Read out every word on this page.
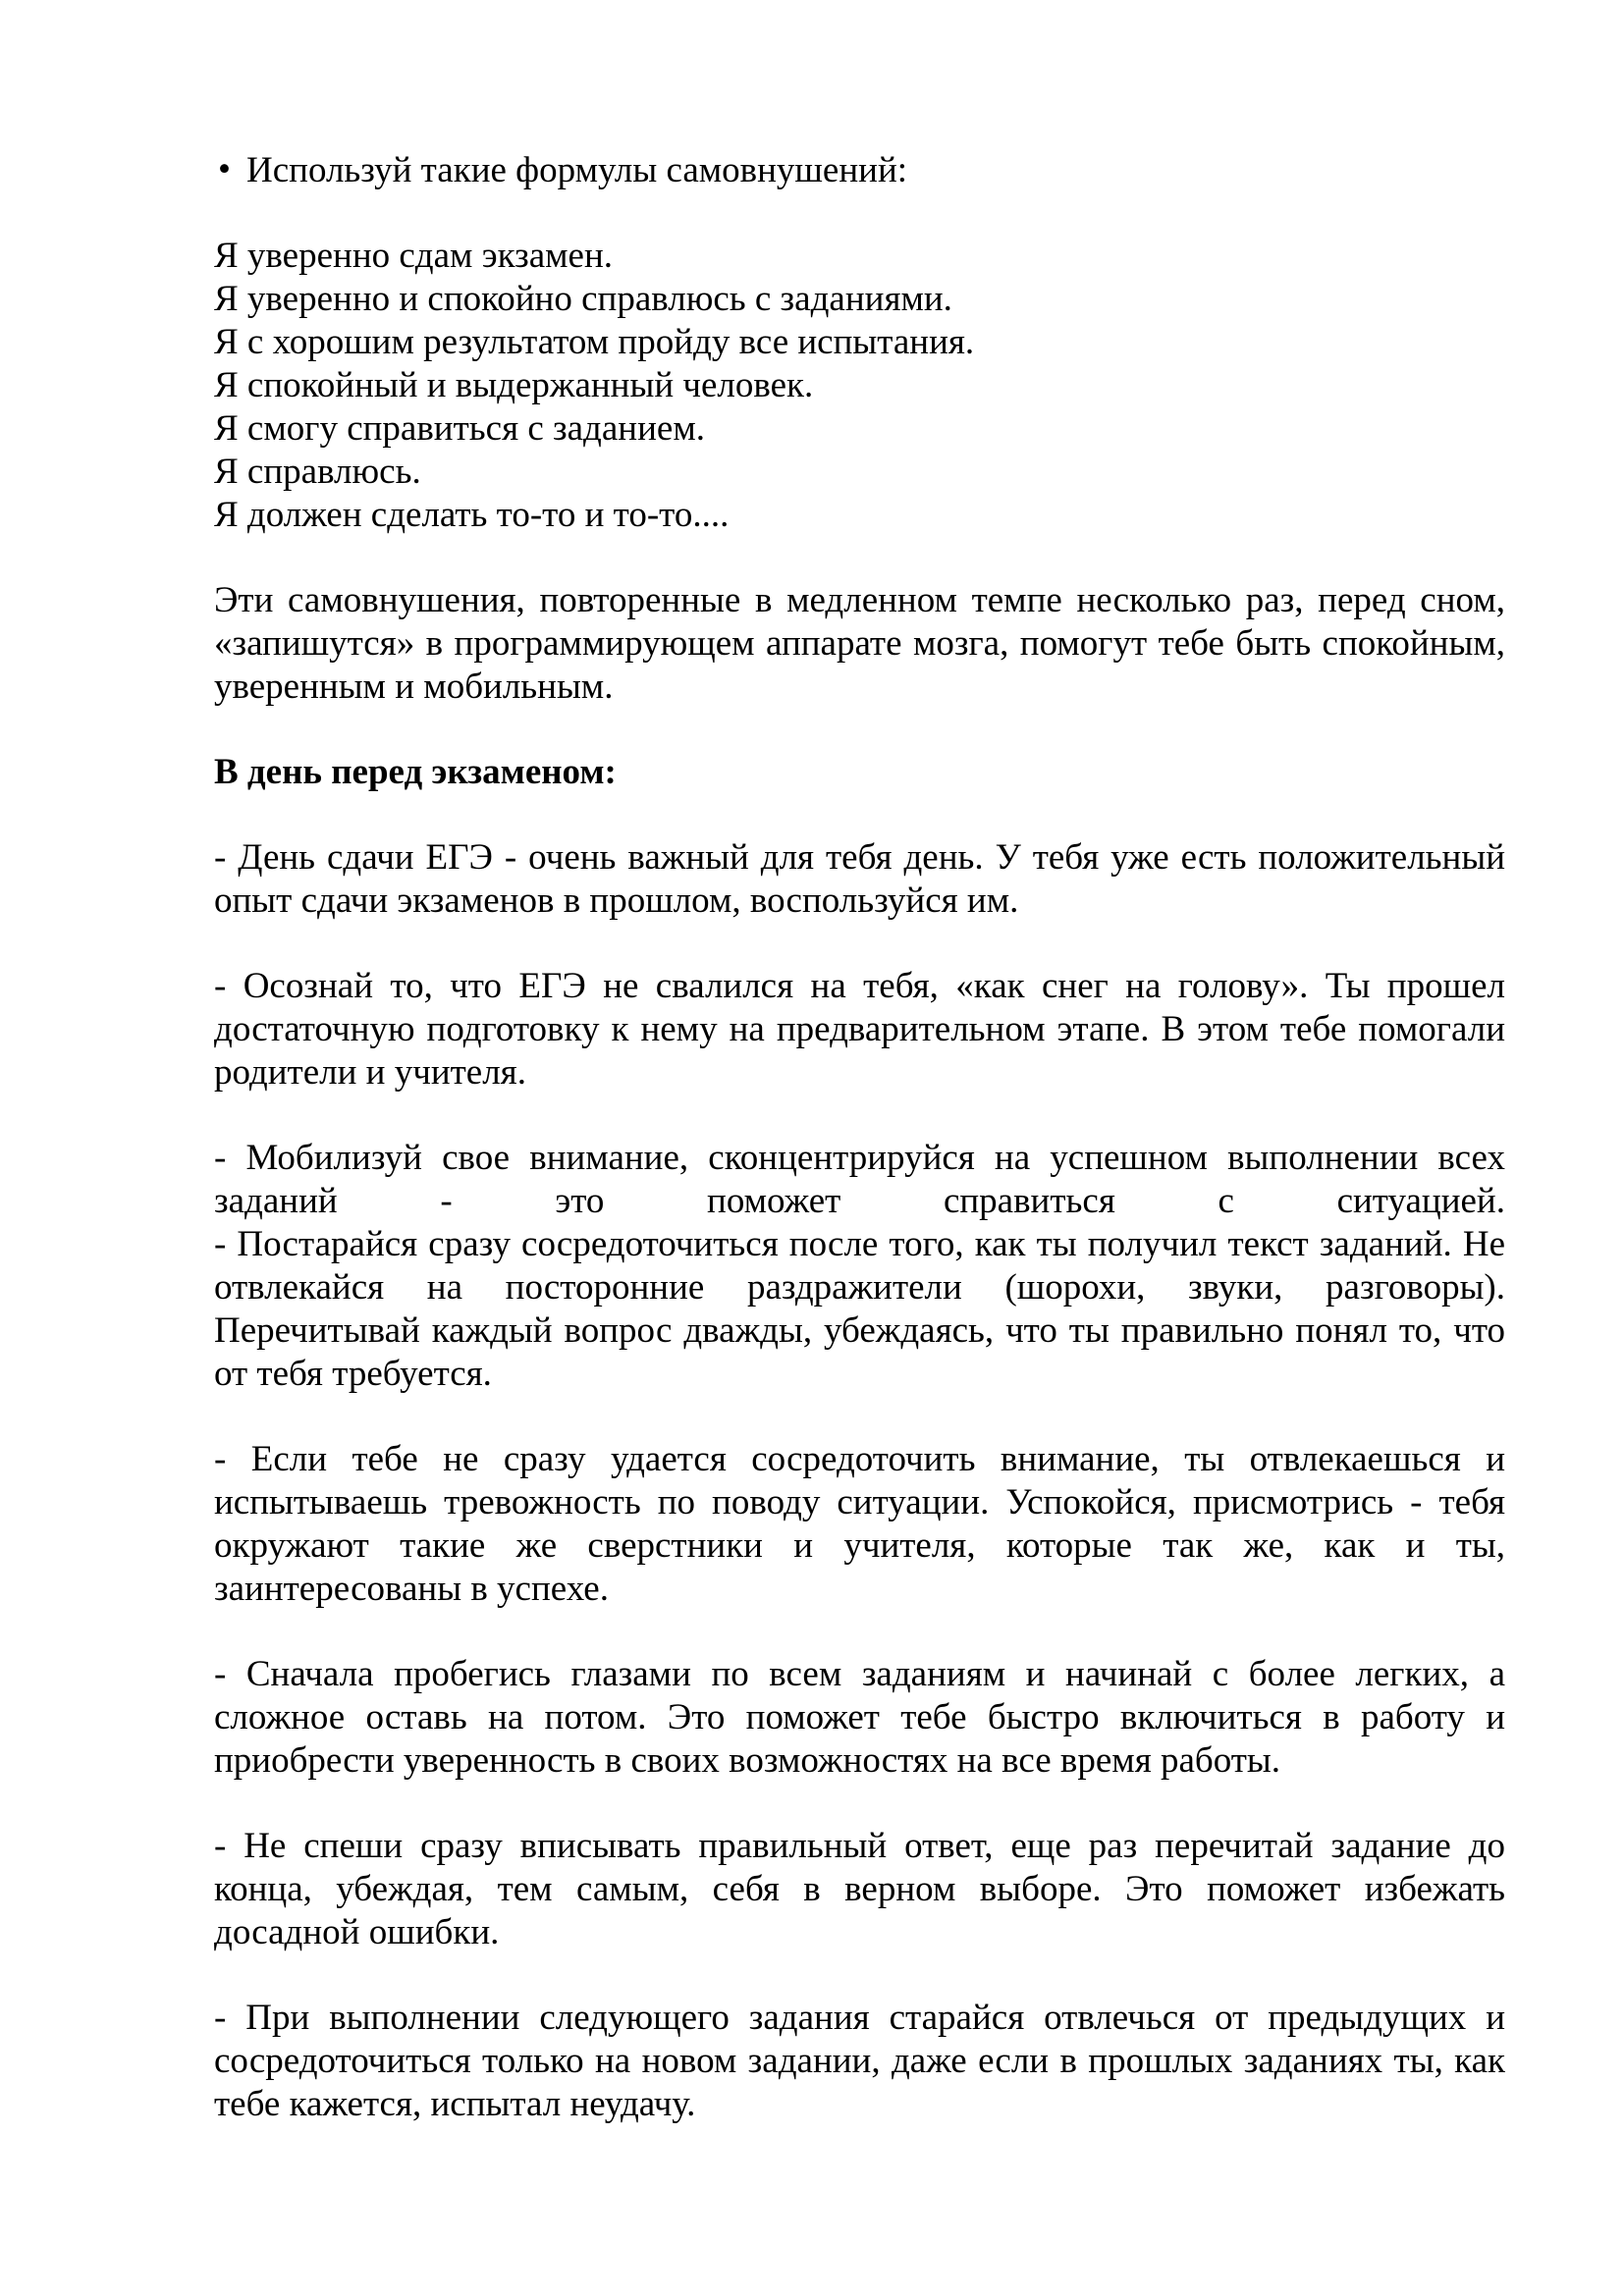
• Используй такие формулы самовнушений:
Я уверенно сдам экзамен.
Я уверенно и спокойно справлюсь с заданиями.
Я с хорошим результатом пройду все испытания.
Я спокойный и выдержанный человек.
Я смогу справиться с заданием.
Я справлюсь.
Я должен сделать то-то и то-то....
Эти самовнушения, повторенные в медленном темпе несколько раз, перед сном, «запишутся» в программирующем аппарате мозга, помогут тебе быть спокойным, уверенным и мобильным.
В день перед экзаменом:
- День сдачи ЕГЭ - очень важный для тебя день. У тебя уже есть положительный опыт сдачи экзаменов в прошлом, воспользуйся им.
- Осознай то, что ЕГЭ не свалился на тебя, «как снег на голову». Ты прошел достаточную подготовку к нему на предварительном этапе. В этом тебе помогали родители и учителя.
- Мобилизуй свое внимание, сконцентрируйся на успешном выполнении всех заданий - это поможет справиться с ситуацией.
- Постарайся сразу сосредоточиться после того, как ты получил текст заданий. Не отвлекайся на посторонние раздражители (шорохи, звуки, разговоры). Перечитывай каждый вопрос дважды, убеждаясь, что ты правильно понял то, что от тебя требуется.
- Если тебе не сразу удается сосредоточить внимание, ты отвлекаешься и испытываешь тревожность по поводу ситуации. Успокойся, присмотрись - тебя окружают такие же сверстники и учителя, которые так же, как и ты, заинтересованы в успехе.
- Сначала пробегись глазами по всем заданиям и начинай с более легких, а сложное оставь на потом. Это поможет тебе быстро включиться в работу и приобрести уверенность в своих возможностях на все время работы.
- Не спеши сразу вписывать правильный ответ, еще раз перечитай задание до конца, убеждая, тем самым, себя в верном выборе. Это поможет избежать досадной ошибки.
- При выполнении следующего задания старайся отвлечься от предыдущих и сосредоточиться только на новом задании, даже если в прошлых заданиях ты, как тебе кажется, испытал неудачу.
